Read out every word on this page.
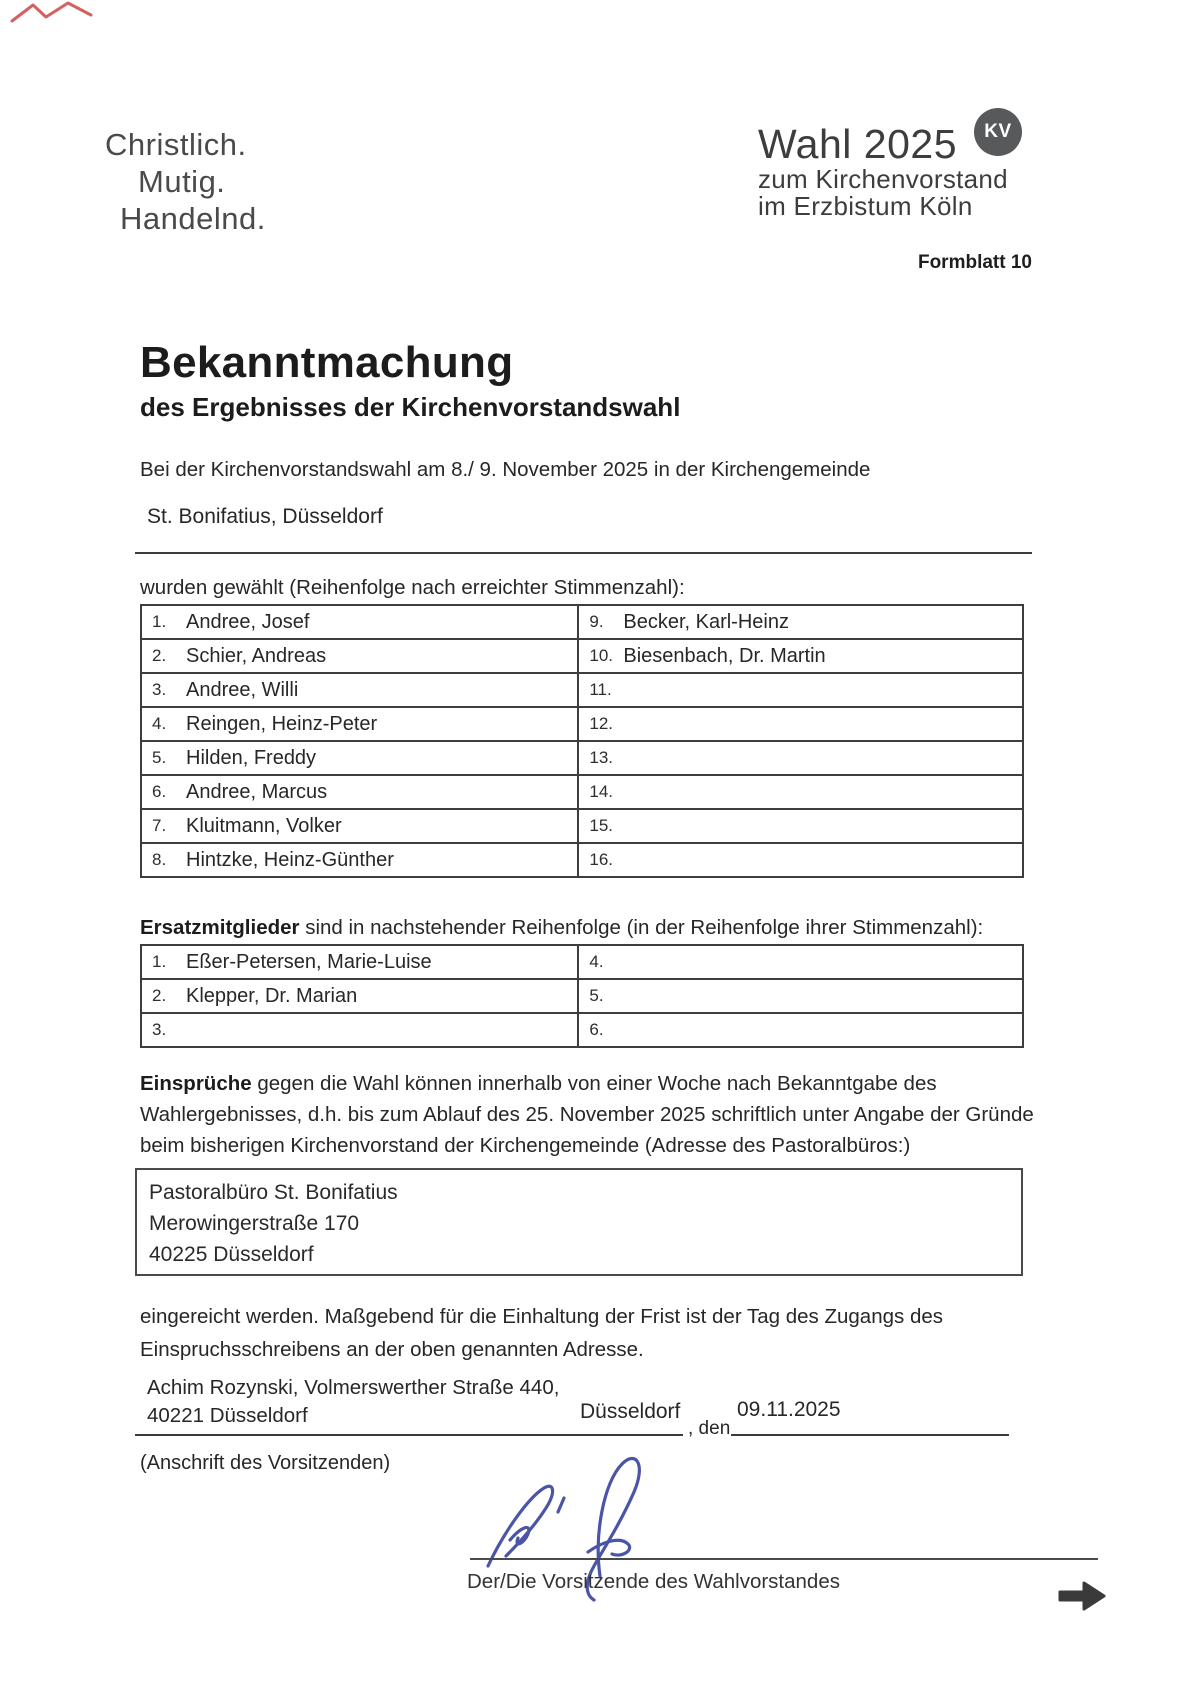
Christlich.
Mutig.
Handelnd.
Wahl 2025
zum Kirchenvorstand
im Erzbistum Köln
KV
Formblatt 10
Bekanntmachung
des Ergebnisses der Kirchenvorstandswahl
Bei der Kirchenvorstandswahl am 8./ 9. November 2025 in der Kirchengemeinde
St. Bonifatius, Düsseldorf
wurden gewählt (Reihenfolge nach erreichter Stimmenzahl):
1. Andree, Josef	9. Becker, Karl-Heinz
2. Schier, Andreas	10. Biesenbach, Dr. Martin
3. Andree, Willi	11.
4. Reingen, Heinz-Peter	12.
5. Hilden, Freddy	13.
6. Andree, Marcus	14.
7. Kluitmann, Volker	15.
8. Hintzke, Heinz-Günther	16.
Ersatzmitglieder sind in nachstehender Reihenfolge (in der Reihenfolge ihrer Stimmenzahl):
1. Eßer-Petersen, Marie-Luise	4.
2. Klepper, Dr. Marian	5.
3.	6.
Einsprüche gegen die Wahl können innerhalb von einer Woche nach Bekanntgabe des Wahlergebnisses, d.h. bis zum Ablauf des 25. November 2025 schriftlich unter Angabe der Gründe beim bisherigen Kirchenvorstand der Kirchengemeinde (Adresse des Pastoralbüros:)
Pastoralbüro St. Bonifatius
Merowingerstraße 170
40225 Düsseldorf
eingereicht werden. Maßgebend für die Einhaltung der Frist ist der Tag des Zugangs des Einspruchsschreibens an der oben genannten Adresse.
Achim Rozynski, Volmerswerther Straße 440,
40221 Düsseldorf	Düsseldorf	09.11.2025
, den
(Anschrift des Vorsitzenden)
Der/Die Vorsitzende des Wahlvorstandes
